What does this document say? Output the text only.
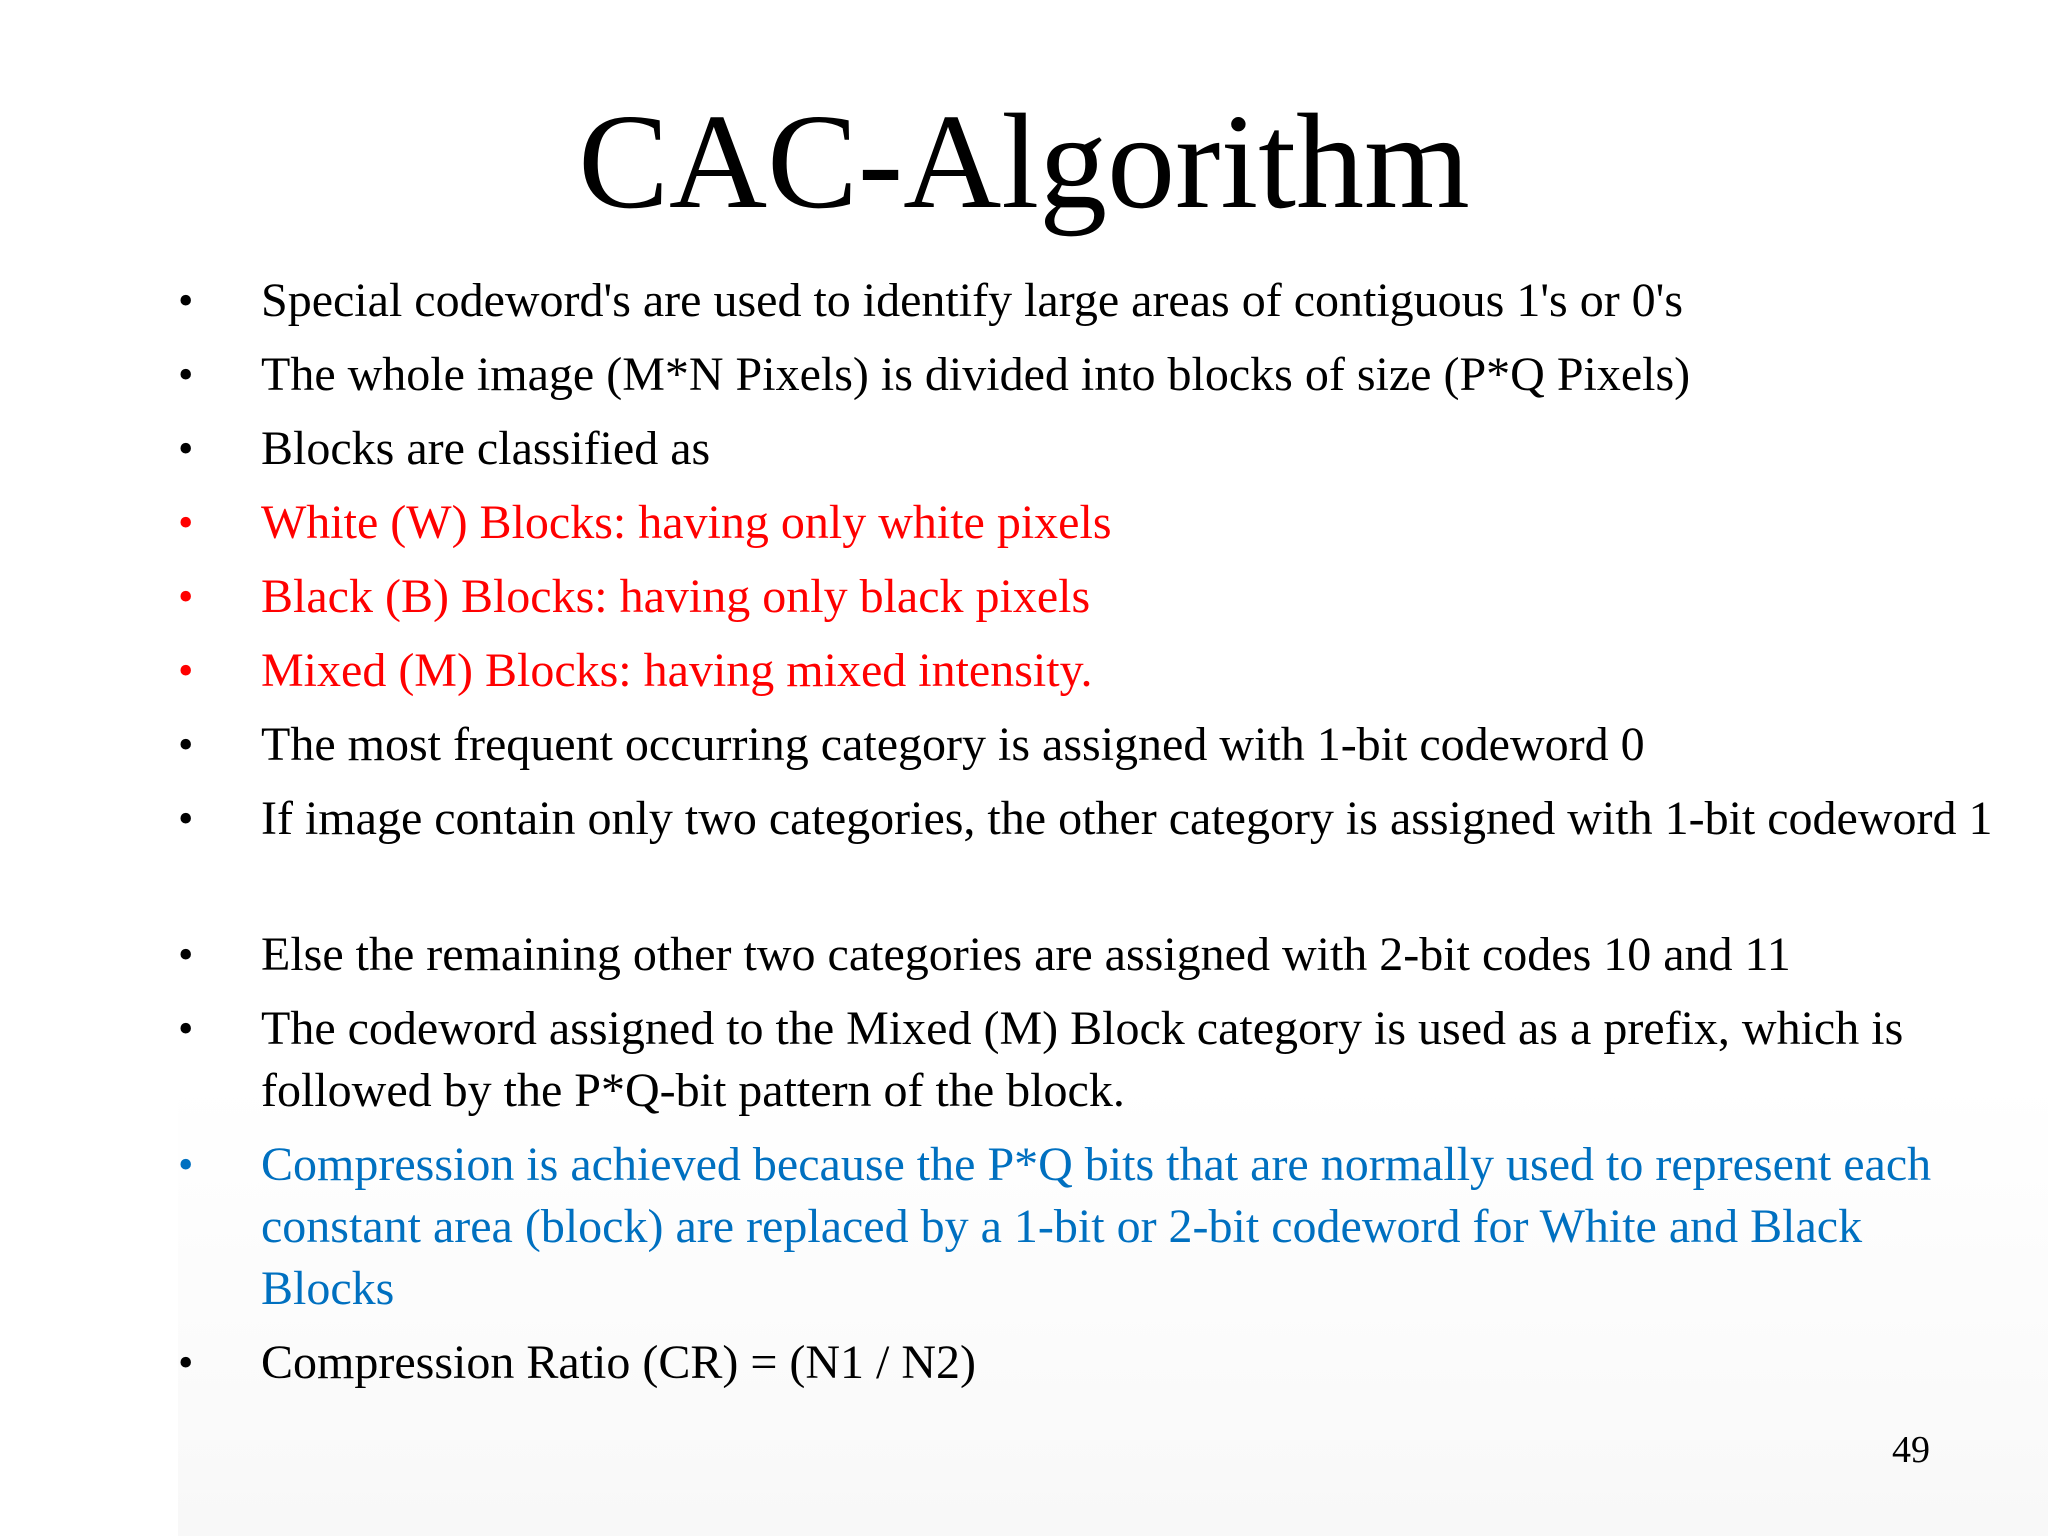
CAC-Algorithm
• Special codeword's are used to identify large areas of contiguous 1's or 0's
• The whole image (M*N Pixels) is divided into blocks of size (P*Q Pixels)
• Blocks are classified as
• White (W) Blocks: having only white pixels
• Black (B) Blocks: having only black pixels
• Mixed (M) Blocks: having mixed intensity.
• The most frequent occurring category is assigned with 1-bit codeword 0
• If image contain only two categories, the other category is assigned with 1-bit codeword 1
• Else the remaining other two categories are assigned with 2-bit codes 10 and 11
• The codeword assigned to the Mixed (M) Block category is used as a prefix, which is followed by the P*Q-bit pattern of the block.
• Compression is achieved because the P*Q bits that are normally used to represent each constant area (block) are replaced by a 1-bit or 2-bit codeword for White and Black Blocks
• Compression Ratio (CR) = (N1 / N2)
49
